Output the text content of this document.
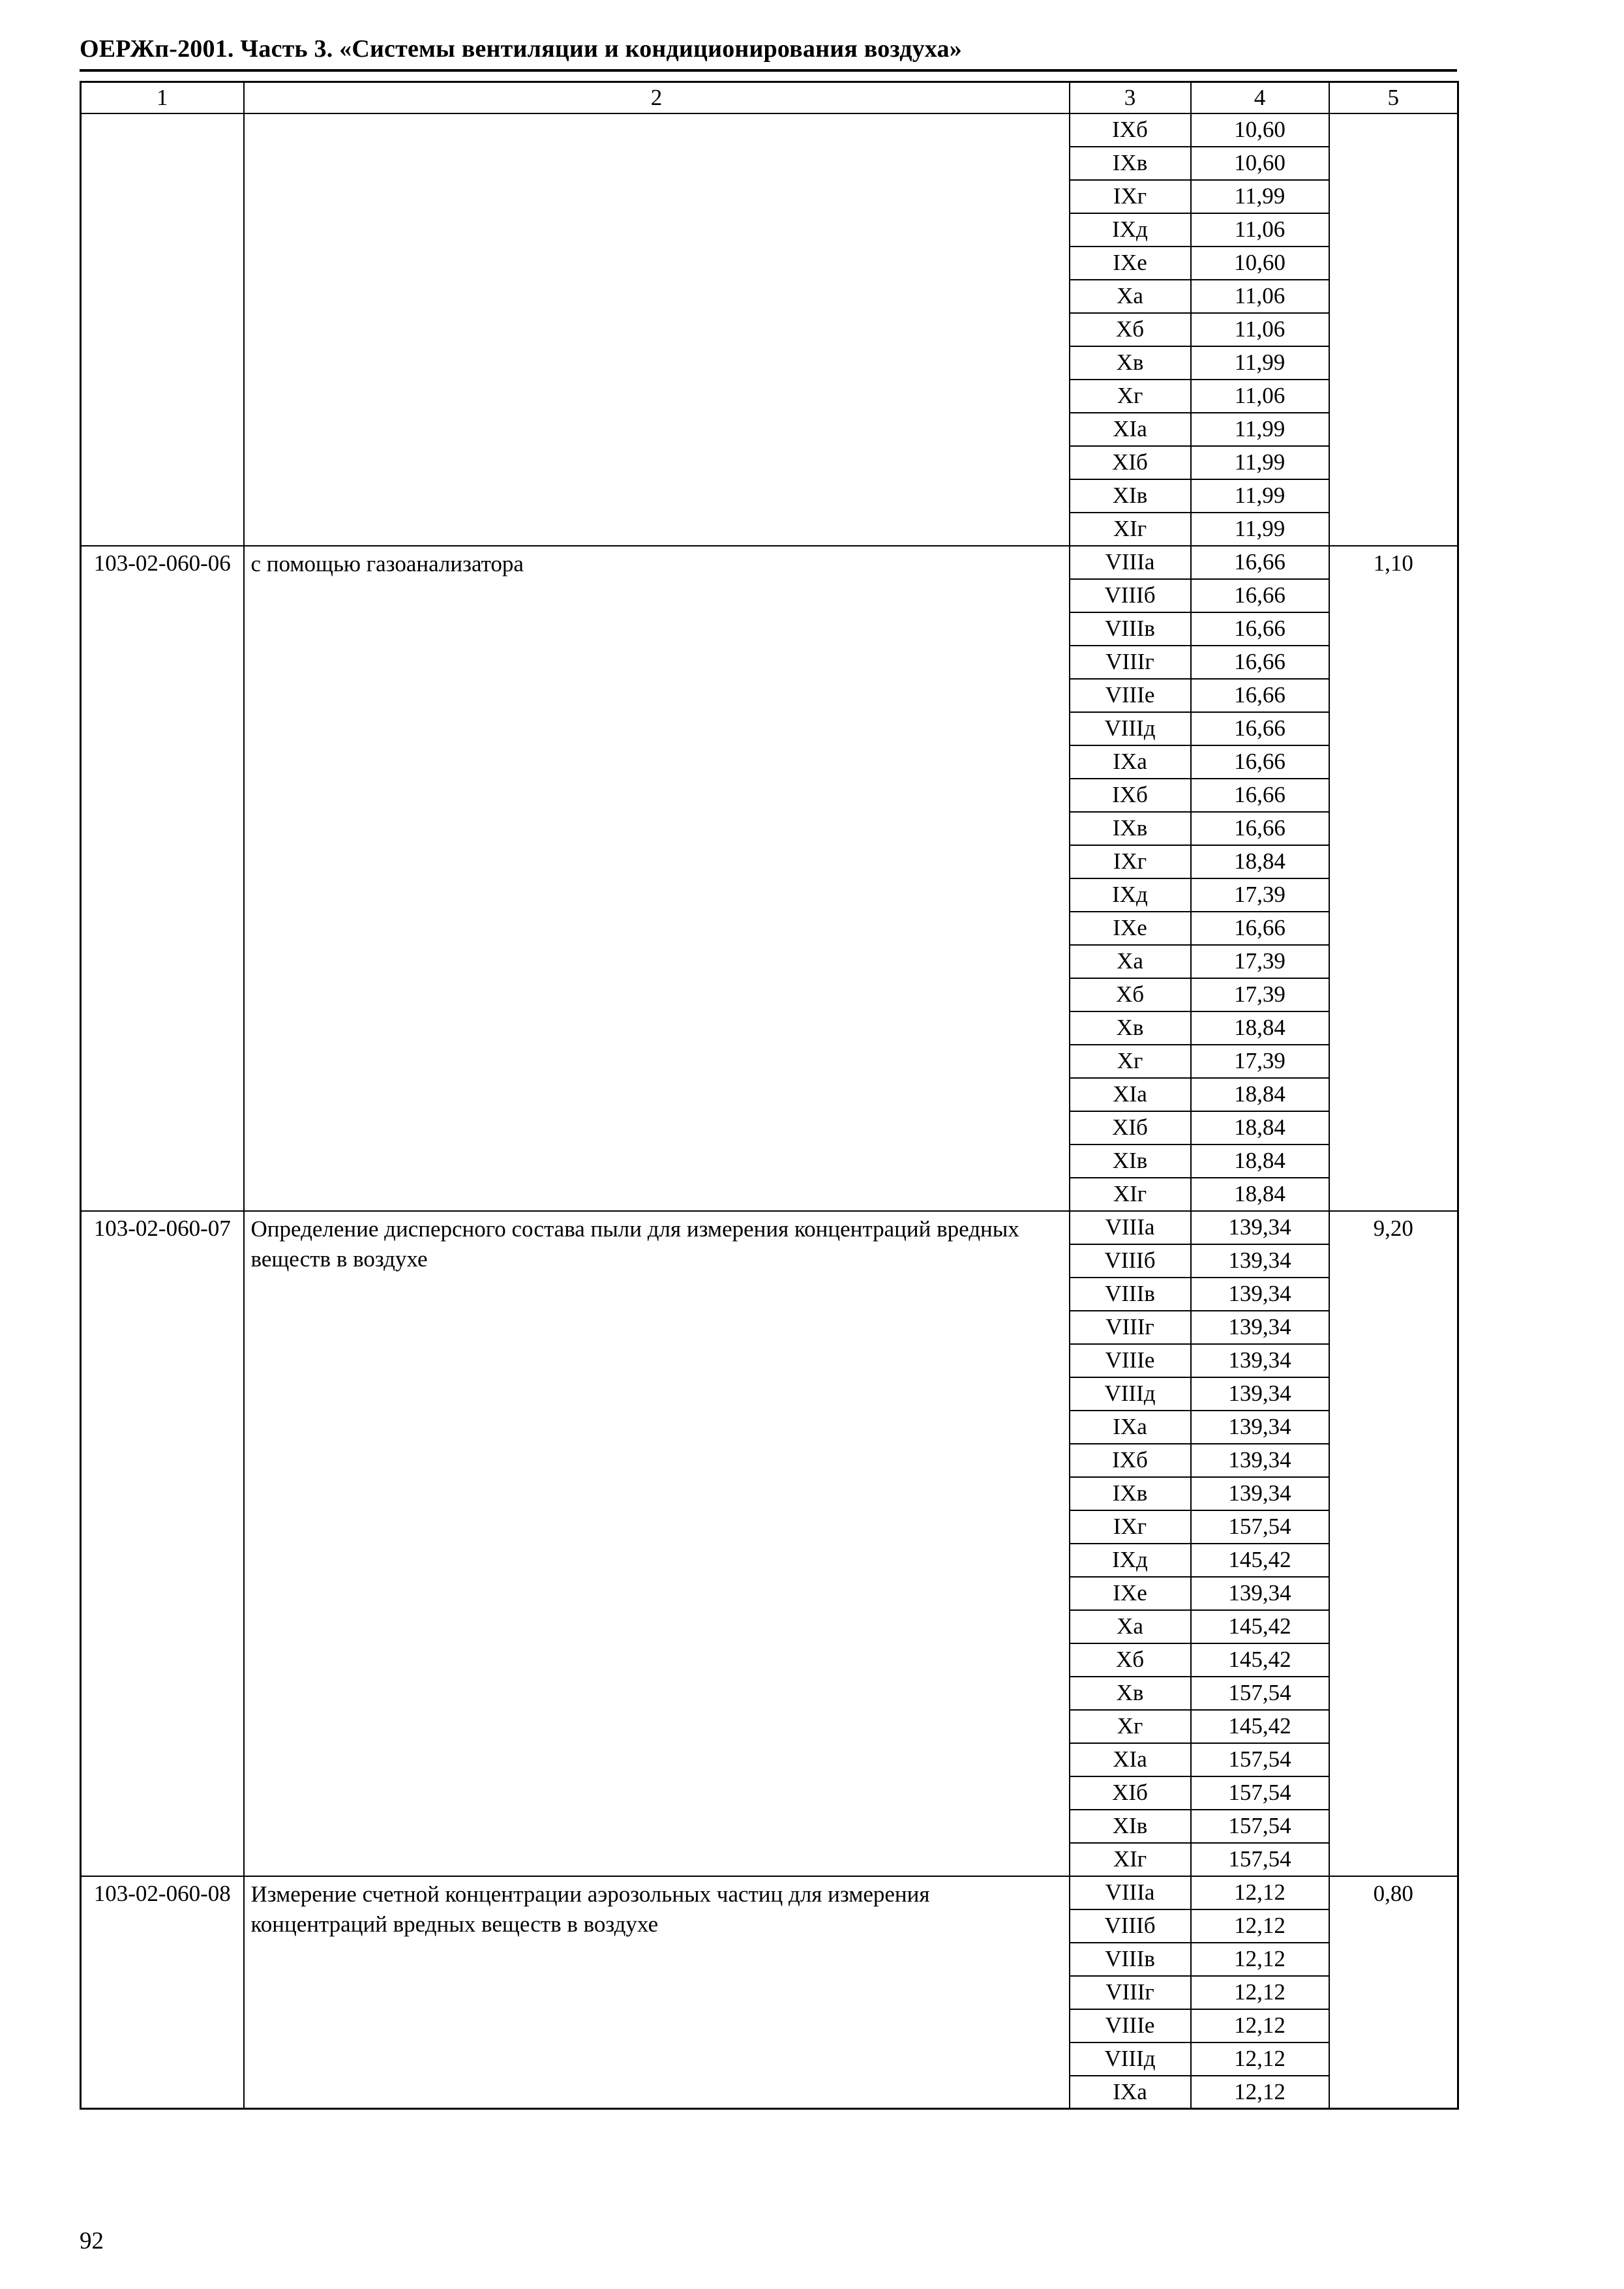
ОЕРЖп-2001. Часть 3. «Системы вентиляции и кондиционирования воздуха»
1	2	3	4	5
		IXб	10,60	
		IXв	10,60	
		IXг	11,99	
		IXд	11,06	
		IXе	10,60	
		Xа	11,06	
		Xб	11,06	
		Xв	11,99	
		Xг	11,06	
		XIа	11,99	
		XIб	11,99	
		XIв	11,99	
		XIг	11,99	
103-02-060-06	с помощью газоанализатора	VIIIа	16,66	1,10
		VIIIб	16,66	
		VIIIв	16,66	
		VIIIг	16,66	
		VIIIе	16,66	
		VIIIд	16,66	
		IXа	16,66	
		IXб	16,66	
		IXв	16,66	
		IXг	18,84	
		IXд	17,39	
		IXе	16,66	
		Xа	17,39	
		Xб	17,39	
		Xв	18,84	
		Xг	17,39	
		XIа	18,84	
		XIб	18,84	
		XIв	18,84	
		XIг	18,84	
103-02-060-07	Определение дисперсного состава пыли для измерения концентраций вредных веществ в воздухе	VIIIа	139,34	9,20
		VIIIб	139,34	
		VIIIв	139,34	
		VIIIг	139,34	
		VIIIе	139,34	
		VIIIд	139,34	
		IXа	139,34	
		IXб	139,34	
		IXв	139,34	
		IXг	157,54	
		IXд	145,42	
		IXе	139,34	
		Xа	145,42	
		Xб	145,42	
		Xв	157,54	
		Xг	145,42	
		XIа	157,54	
		XIб	157,54	
		XIв	157,54	
		XIг	157,54	
103-02-060-08	Измерение счетной концентрации аэрозольных частиц для измерения концентраций вредных веществ в воздухе	VIIIа	12,12	0,80
		VIIIб	12,12	
		VIIIв	12,12	
		VIIIг	12,12	
		VIIIе	12,12	
		VIIIд	12,12	
		IXа	12,12	
92
